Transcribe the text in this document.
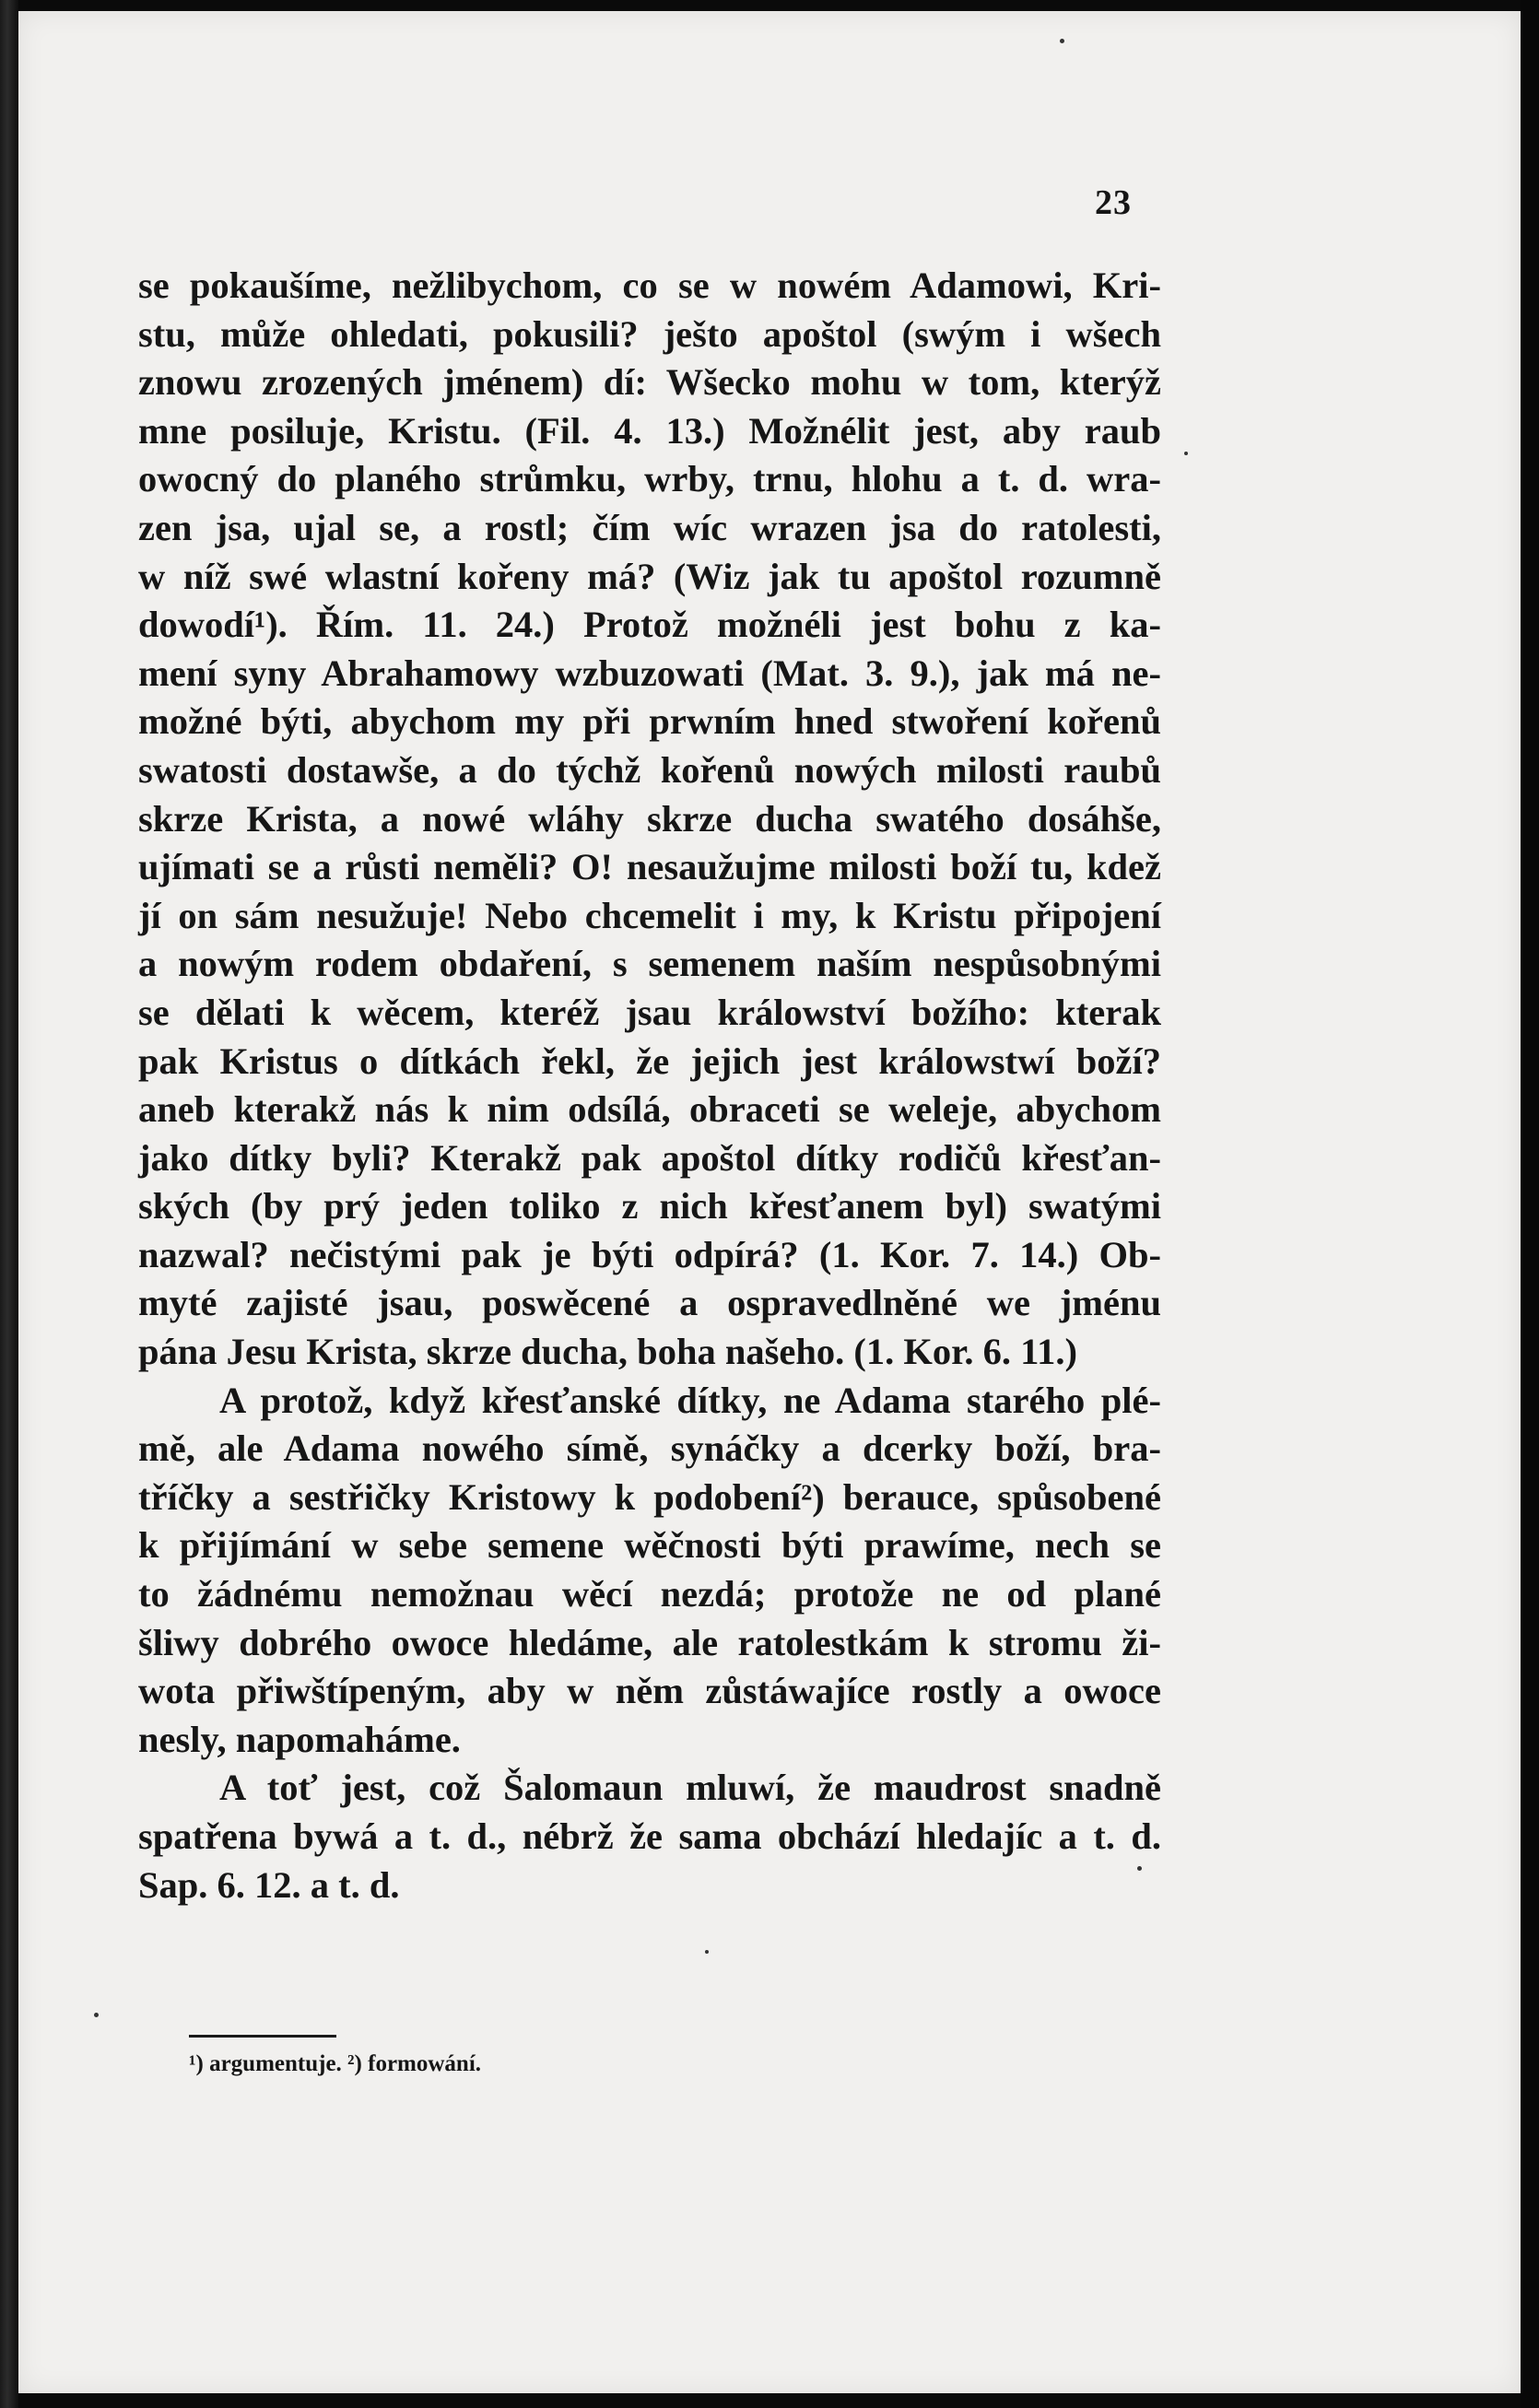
23
se pokaušíme, nežlibychom, co se w nowém Adamowi, Kri-
stu, může ohledati, pokusili? ješto apoštol (swým i wšech
znowu zrozených jménem) dí: Wšecko mohu w tom, kterýž
mne posiluje, Kristu. (Fil. 4. 13.) Možnélit jest, aby raub
owocný do planého strůmku, wrby, trnu, hlohu a t. d. wra-
zen jsa, ujal se, a rostl; čím wíc wrazen jsa do ratolesti,
w níž swé wlastní kořeny má? (Wiz jak tu apoštol rozumně
dowodí¹). Řím. 11. 24.) Protož možnéli jest bohu z ka-
mení syny Abrahamowy wzbuzowati (Mat. 3. 9.), jak má ne-
možné býti, abychom my při prwním hned stwoření kořenů
swatosti dostawše, a do týchž kořenů nowých milosti raubů
skrze Krista, a nowé wláhy skrze ducha swatého dosáhše,
ujímati se a růsti neměli? O! nesaužujme milosti boží tu, kdež
jí on sám nesužuje! Nebo chcemelit i my, k Kristu připojení
a nowým rodem obdaření, s semenem naším nespůsobnými
se dělati k wěcem, kteréž jsau králowství božího: kterak
pak Kristus o dítkách řekl, že jejich jest králowstwí boží?
aneb kterakž nás k nim odsílá, obraceti se weleje, abychom
jako dítky byli? Kterakž pak apoštol dítky rodičů křesťan-
ských (by prý jeden toliko z nich křesťanem byl) swatými
nazwal? nečistými pak je býti odpírá? (1. Kor. 7. 14.) Ob-
myté zajisté jsau, poswěcené a ospravedlněné we jménu
pána Jesu Krista, skrze ducha, boha našeho. (1. Kor. 6. 11.)
A protož, když křesťanské dítky, ne Adama starého plé-
mě, ale Adama nowého símě, synáčky a dcerky boží, bra-
tříčky a sestřičky Kristowy k podobení²) berauce, spůsobené
k přijímání w sebe semene wěčnosti býti prawíme, nech se
to žádnému nemožnau wěcí nezdá; protože ne od plané
šliwy dobrého owoce hledáme, ale ratolestkám k stromu ži-
wota přiwštípeným, aby w něm zůstáwajíce rostly a owoce
nesly, napomaháme.
A toť jest, což Šalomaun mluwí, že maudrost snadně
spatřena bywá a t. d., nébrž že sama obchází hledajíc a t. d.
Sap. 6. 12. a t. d.
¹) argumentuje. ²) formowání.
